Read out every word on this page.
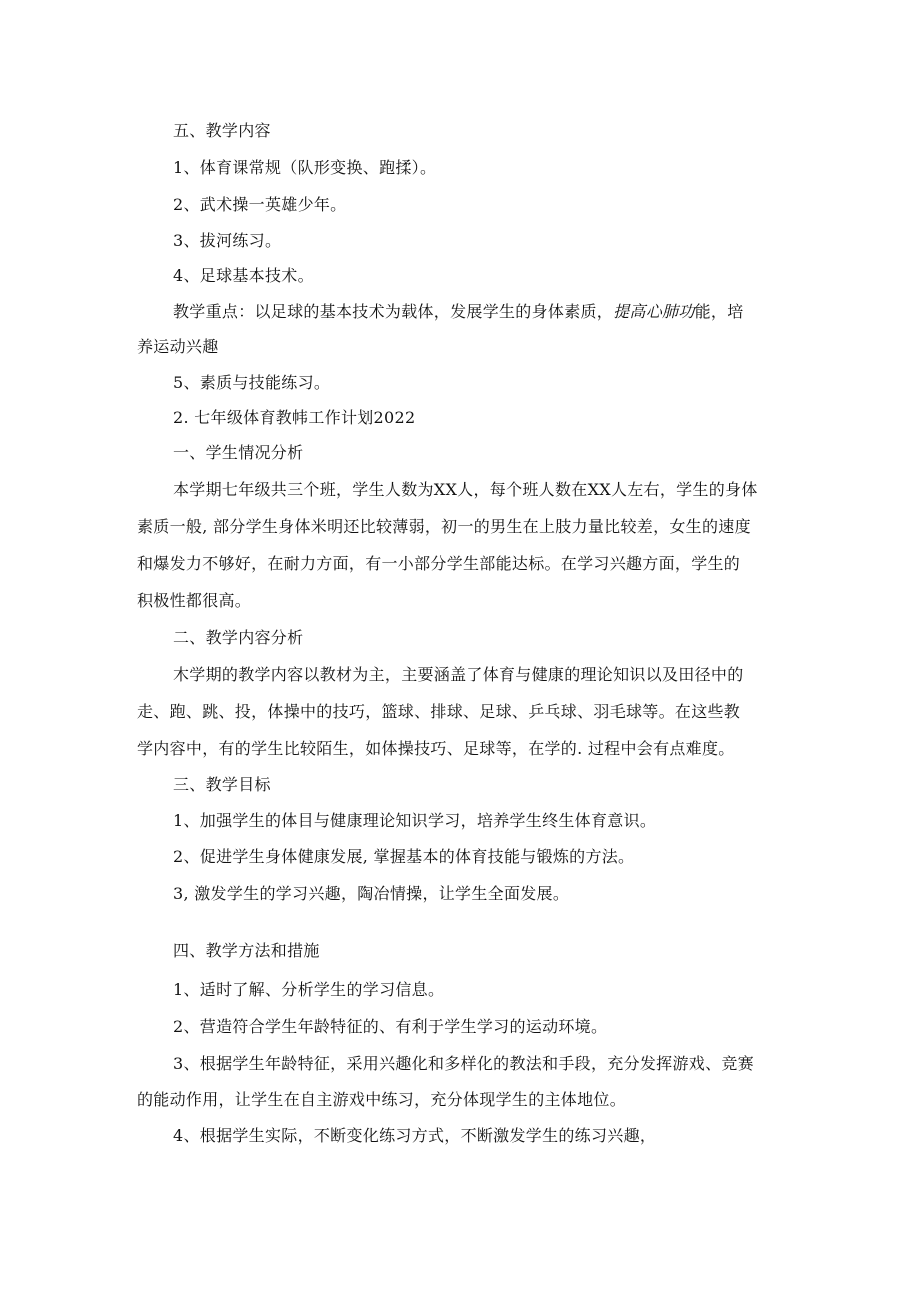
五、教学内容
1、体育课常规（队形变换、跑揉）。
2、武术操一英雄少年。
3、拔河练习。
4、足球基本技术。
教学重点：以足球的基本技术为载体，发展学生的身体素质，提高心肺功能，培
养运动兴趣
5、素质与技能练习。
2. 七年级体育教帏工作计划2022
一、学生情况分析
本学期七年级共三个班，学生人数为XX人，每个班人数在XX人左右，学生的身体
素质一般, 部分学生身体米明还比较薄弱，初一的男生在上肢力量比较差，女生的速度
和爆发力不够好，在耐力方面，有一小部分学生部能达标。在学习兴趣方面，学生的
积极性都很高。
二、教学内容分析
木学期的教学内容以教材为主，主要涵盖了体育与健康的理论知识以及田径中的
走、跑、跳、投，体操中的技巧，篮球、排球、足球、乒乓球、羽毛球等。在这些教
学内容中，有的学生比较陌生，如体操技巧、足球等，在学的. 过程中会有点难度。
三、教学目标
1、加强学生的体目与健康理论知识学习，培养学生终生体育意识。
2、促进学生身体健康发展, 掌握基本的体育技能与锻炼的方法。
3, 激发学生的学习兴趣，陶冶情操，让学生全面发展。
四、教学方法和措施
1、适时了解、分析学生的学习信息。
2、营造符合学生年龄特征的、有利于学生学习的运动环境。
3、根据学生年龄特征，采用兴趣化和多样化的教法和手段，充分发挥游戏、竞赛
的能动作用，让学生在自主游戏中练习，充分体现学生的主体地位。
4、根据学生实际，不断变化练习方式，不断激发学生的练习兴趣，
